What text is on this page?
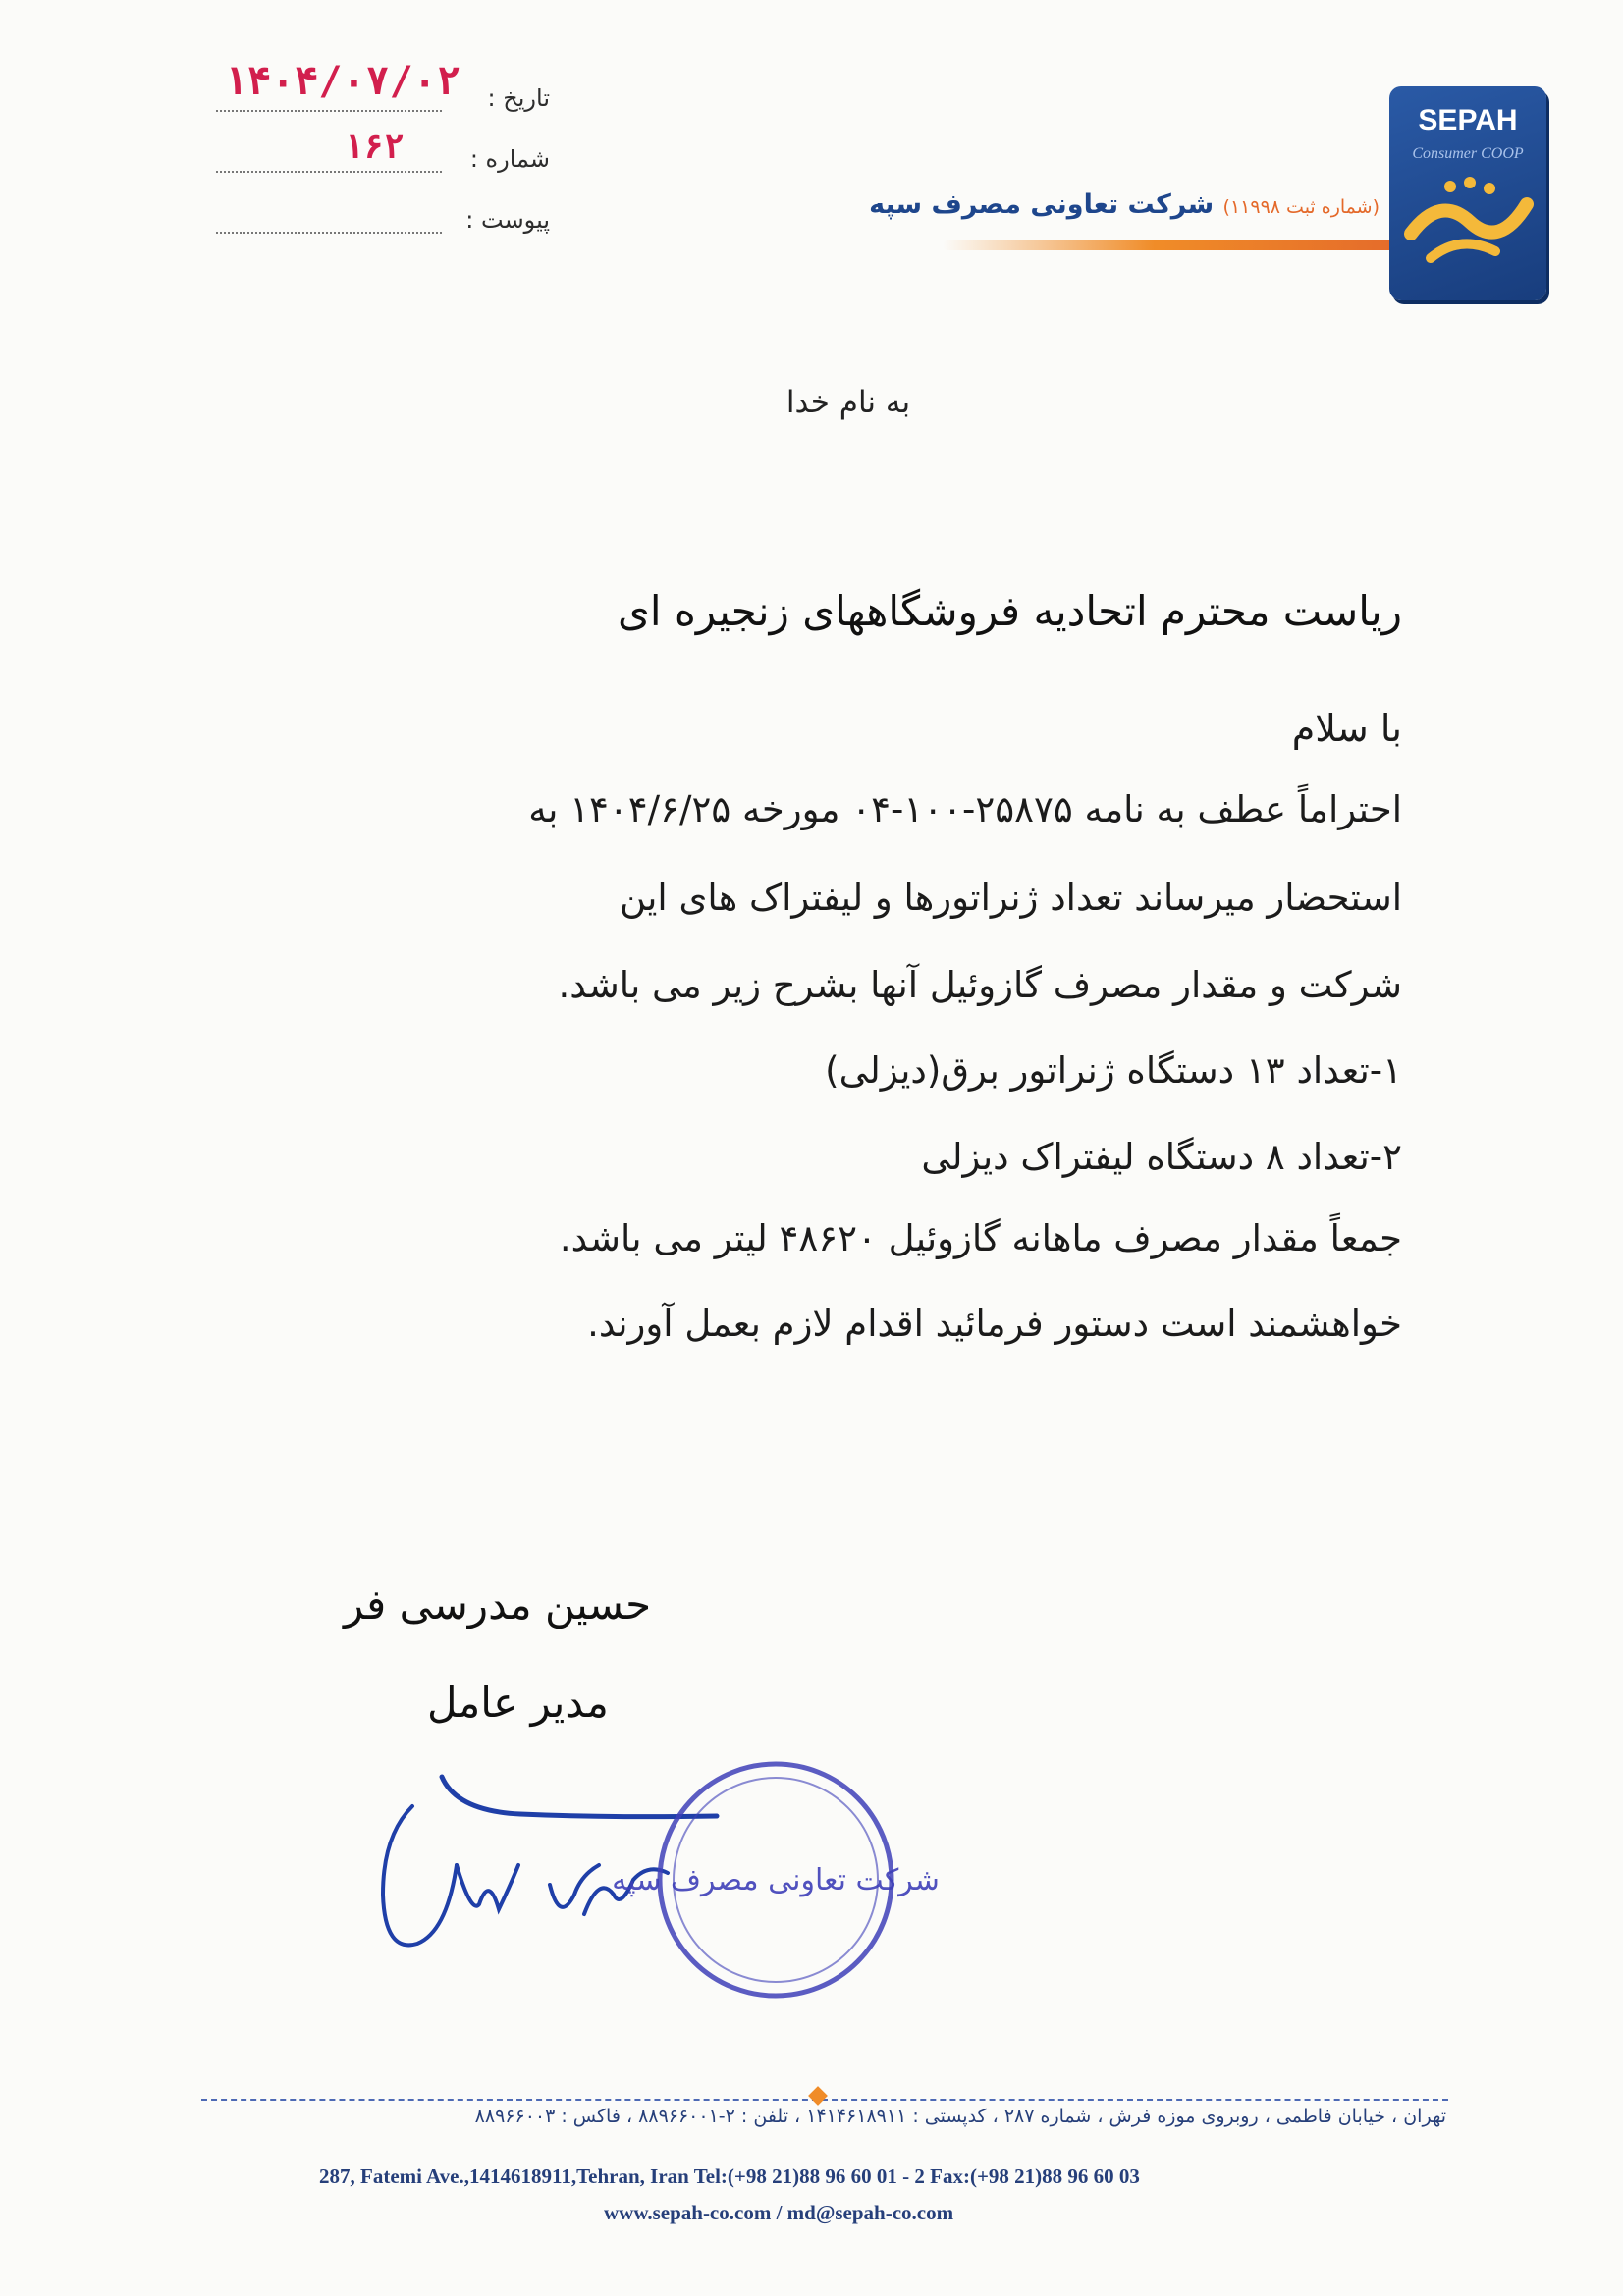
تاریخ :
۱۴۰۴/۰۷/۰۲
شماره :
۱۶۲
پیوست :	(شماره ثبت ۱۱۹۹۸) شرکت تعاونی مصرف سپه
SEPAH
Consumer COOP
به نام خدا
ریاست محترم اتحادیه فروشگاههای زنجیره ای
با سلام
احتراماً عطف به نامه ۲۵۸۷۵-۱۰۰-۰۴ مورخه ۱۴۰۴/۶/۲۵ به
استحضار میرساند تعداد ژنراتورها و لیفتراک های این
شرکت و مقدار مصرف گازوئیل آنها بشرح زیر می باشد.
۱-تعداد ۱۳ دستگاه ژنراتور برق(دیزلی)
۲-تعداد ۸ دستگاه لیفتراک دیزلی
جمعاً مقدار مصرف ماهانه گازوئیل ۴۸۶۲۰ لیتر می باشد.
خواهشمند است دستور فرمائید اقدام لازم بعمل آورند.
حسین مدرسی فر
مدیر عامل
شرکت تعاونی مصرف سپه
تهران ، خیابان فاطمی ، روبروی موزه فرش ، شماره ۲۸۷ ، کدپستی : ۱۴۱۴۶۱۸۹۱۱ ، تلفن : ۲-۸۸۹۶۶۰۰۱ ، فاکس : ۸۸۹۶۶۰۰۳
287, Fatemi Ave.,1414618911,Tehran, Iran Tel:(+98 21)88 96 60 01 - 2 Fax:(+98 21)88 96 60 03
www.sepah-co.com / md@sepah-co.com
